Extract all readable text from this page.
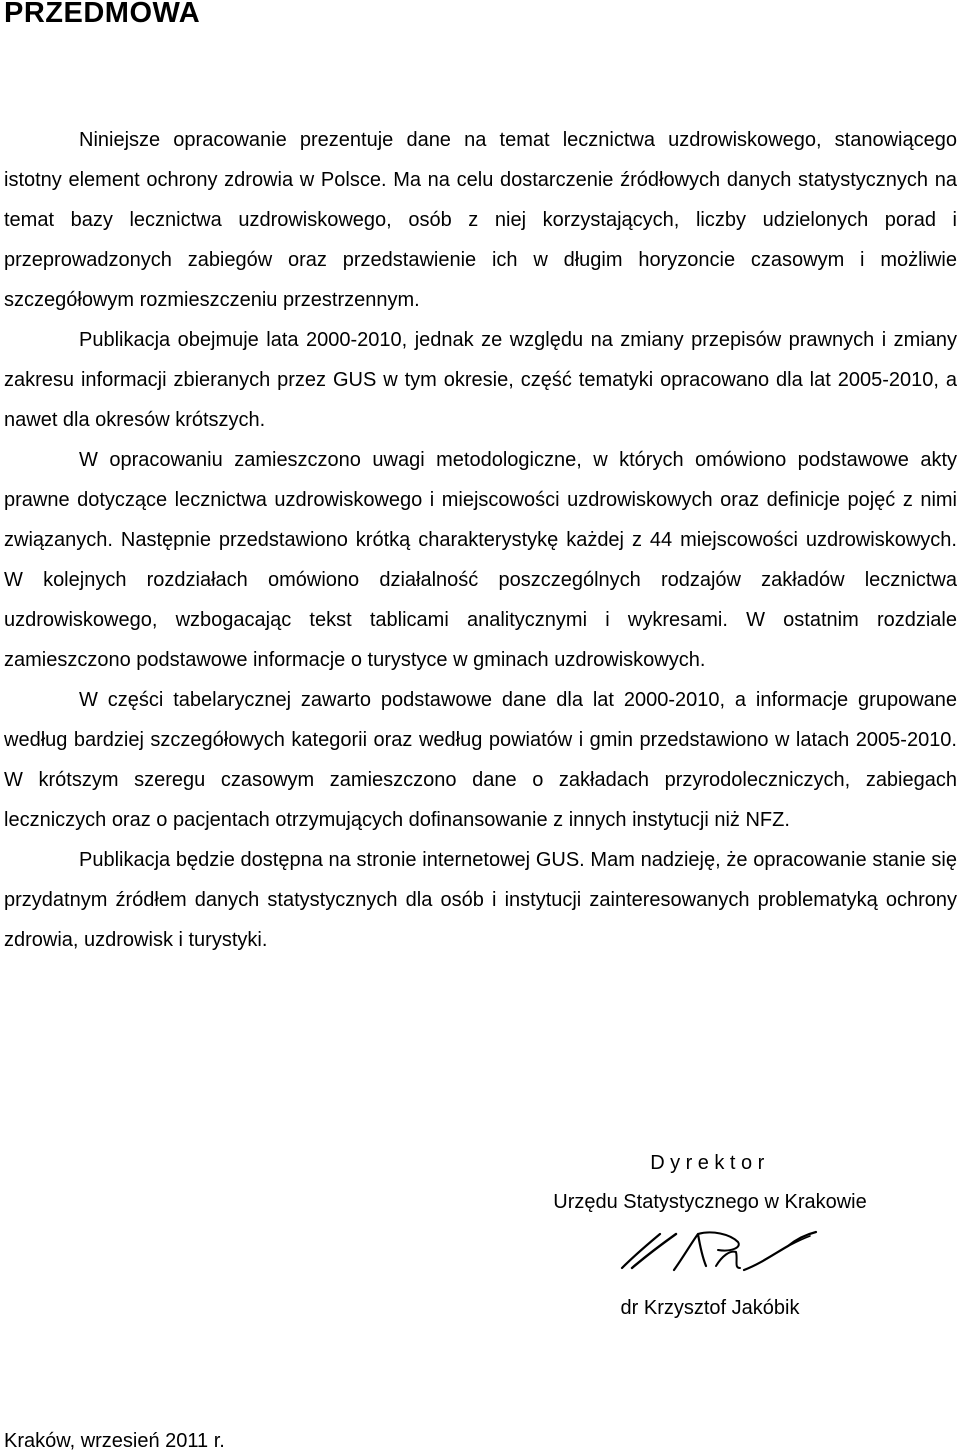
PRZEDMOWA

Niniejsze opracowanie prezentuje dane na temat lecznictwa uzdrowiskowego, stanowiącego istotny element ochrony zdrowia w Polsce. Ma na celu dostarczenie źródłowych danych statystycznych na temat bazy lecznictwa uzdrowiskowego, osób z niej korzystających, liczby udzielonych porad i przeprowadzonych zabiegów oraz przedstawienie ich w długim horyzoncie czasowym i możliwie szczegółowym rozmieszczeniu przestrzennym.

Publikacja obejmuje lata 2000-2010, jednak ze względu na zmiany przepisów prawnych i zmiany zakresu informacji zbieranych przez GUS w tym okresie, część tematyki opracowano dla lat 2005-2010, a nawet dla okresów krótszych.

W opracowaniu zamieszczono uwagi metodologiczne, w których omówiono podstawowe akty prawne dotyczące lecznictwa uzdrowiskowego i miejscowości uzdrowiskowych oraz definicje pojęć z nimi związanych. Następnie przedstawiono krótką charakterystykę każdej z 44 miejscowości uzdrowiskowych. W kolejnych rozdziałach omówiono działalność poszczególnych rodzajów zakładów lecznictwa uzdrowiskowego, wzbogacając tekst tablicami analitycznymi i wykresami. W ostatnim rozdziale zamieszczono podstawowe informacje o turystyce w gminach uzdrowiskowych.

W części tabelarycznej zawarto podstawowe dane dla lat 2000-2010, a informacje grupowane według bardziej szczegółowych kategorii oraz według powiatów i gmin przedstawiono w latach 2005-2010. W krótszym szeregu czasowym zamieszczono dane o zakładach przyrodoleczniczych, zabiegach leczniczych oraz o pacjentach otrzymujących dofinansowanie z innych instytucji niż NFZ.

Publikacja będzie dostępna na stronie internetowej GUS. Mam nadzieję, że opracowanie stanie się przydatnym źródłem danych statystycznych dla osób i instytucji zainteresowanych problematyką ochrony zdrowia, uzdrowisk i turystyki.

Dyrektor
Urzędu Statystycznego w Krakowie
dr Krzysztof Jakóbik
Kraków, wrzesień 2011 r.
